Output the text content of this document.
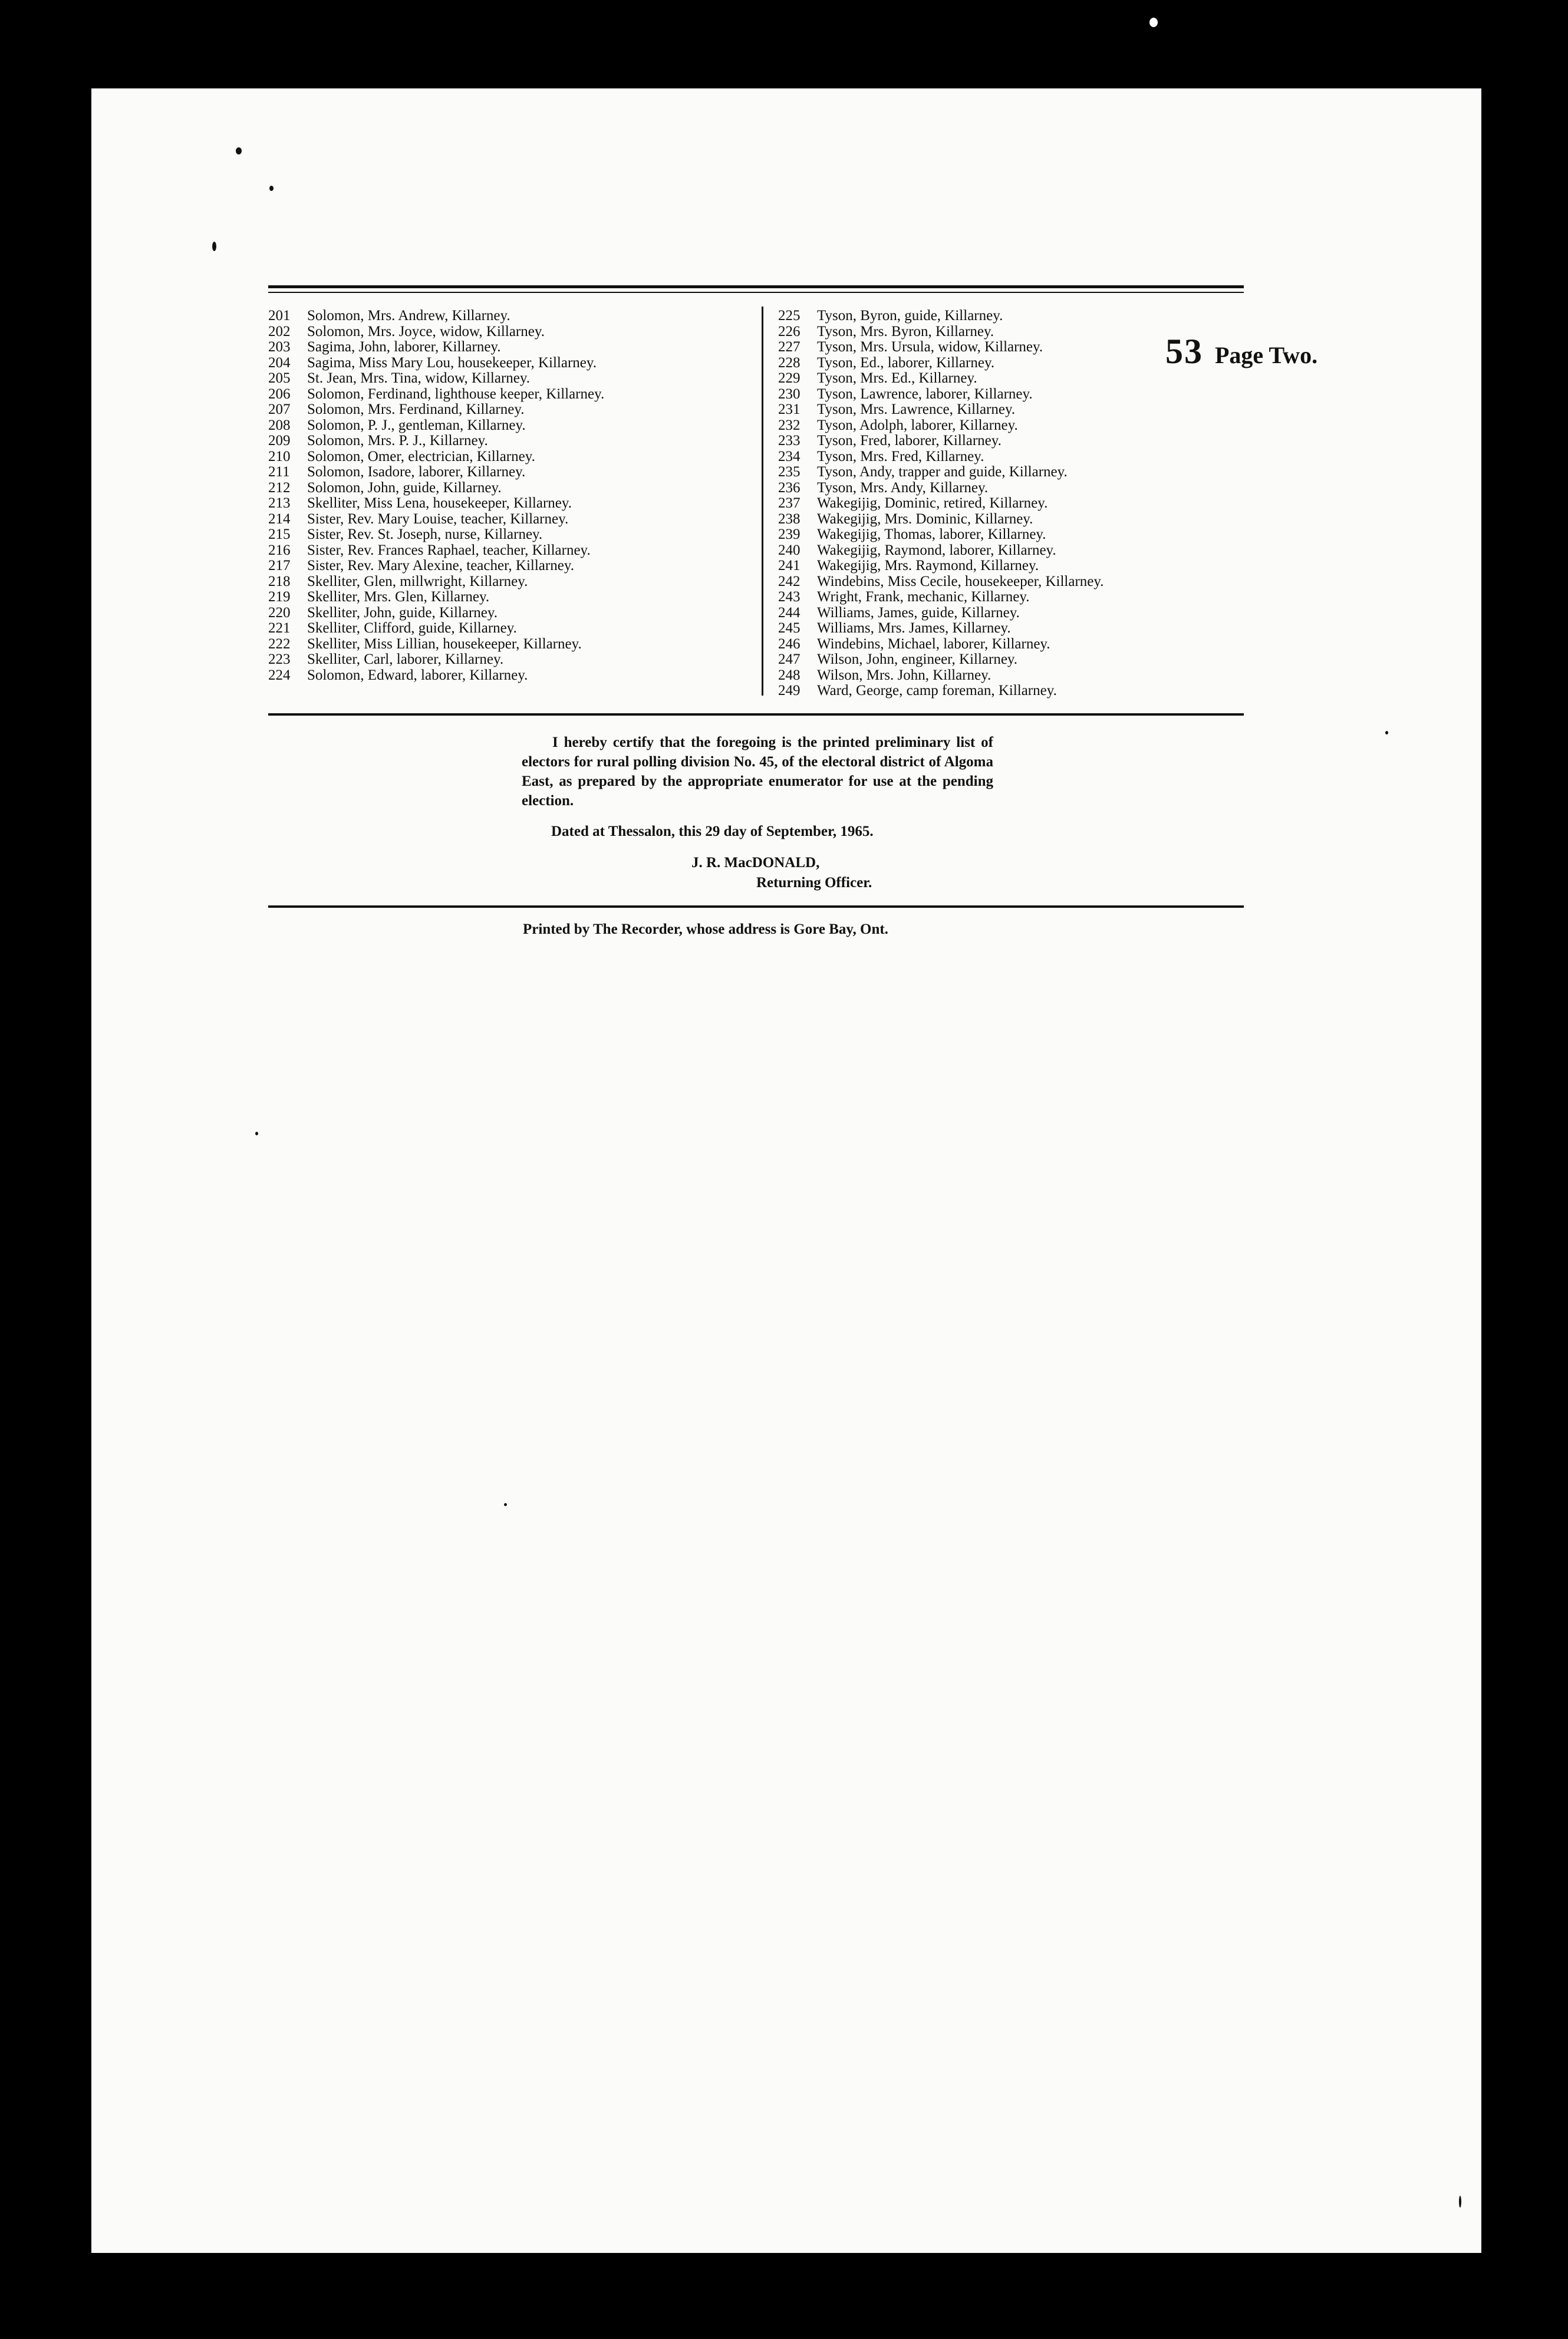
53 Page Two.
201 Solomon, Mrs. Andrew, Killarney.
202 Solomon, Mrs. Joyce, widow, Killarney.
203 Sagima, John, laborer, Killarney.
204 Sagima, Miss Mary Lou, housekeeper, Killarney.
205 St. Jean, Mrs. Tina, widow, Killarney.
206 Solomon, Ferdinand, lighthouse keeper, Killarney.
207 Solomon, Mrs. Ferdinand, Killarney.
208 Solomon, P. J., gentleman, Killarney.
209 Solomon, Mrs. P. J., Killarney.
210 Solomon, Omer, electrician, Killarney.
211 Solomon, Isadore, laborer, Killarney.
212 Solomon, John, guide, Killarney.
213 Skelliter, Miss Lena, housekeeper, Killarney.
214 Sister, Rev. Mary Louise, teacher, Killarney.
215 Sister, Rev. St. Joseph, nurse, Killarney.
216 Sister, Rev. Frances Raphael, teacher, Killarney.
217 Sister, Rev. Mary Alexine, teacher, Killarney.
218 Skelliter, Glen, millwright, Killarney.
219 Skelliter, Mrs. Glen, Killarney.
220 Skelliter, John, guide, Killarney.
221 Skelliter, Clifford, guide, Killarney.
222 Skelliter, Miss Lillian, housekeeper, Killarney.
223 Skelliter, Carl, laborer, Killarney.
224 Solomon, Edward, laborer, Killarney.
225 Tyson, Byron, guide, Killarney.
226 Tyson, Mrs. Byron, Killarney.
227 Tyson, Mrs. Ursula, widow, Killarney.
228 Tyson, Ed., laborer, Killarney.
229 Tyson, Mrs. Ed., Killarney.
230 Tyson, Lawrence, laborer, Killarney.
231 Tyson, Mrs. Lawrence, Killarney.
232 Tyson, Adolph, laborer, Killarney.
233 Tyson, Fred, laborer, Killarney.
234 Tyson, Mrs. Fred, Killarney.
235 Tyson, Andy, trapper and guide, Killarney.
236 Tyson, Mrs. Andy, Killarney.
237 Wakegijig, Dominic, retired, Killarney.
238 Wakegijig, Mrs. Dominic, Killarney.
239 Wakegijig, Thomas, laborer, Killarney.
240 Wakegijig, Raymond, laborer, Killarney.
241 Wakegijig, Mrs. Raymond, Killarney.
242 Windebins, Miss Cecile, housekeeper, Killarney.
243 Wright, Frank, mechanic, Killarney.
244 Williams, James, guide, Killarney.
245 Williams, Mrs. James, Killarney.
246 Windebins, Michael, laborer, Killarney.
247 Wilson, John, engineer, Killarney.
248 Wilson, Mrs. John, Killarney.
249 Ward, George, camp foreman, Killarney.

I hereby certify that the foregoing is the printed preliminary list of electors for rural polling division No. 45, of the electoral district of Algoma East, as prepared by the appropriate enumerator for use at the pending election.

Dated at Thessalon, this 29 day of September, 1965.
J. R. MacDONALD,
Returning Officer.
Printed by The Recorder, whose address is Gore Bay, Ont.
